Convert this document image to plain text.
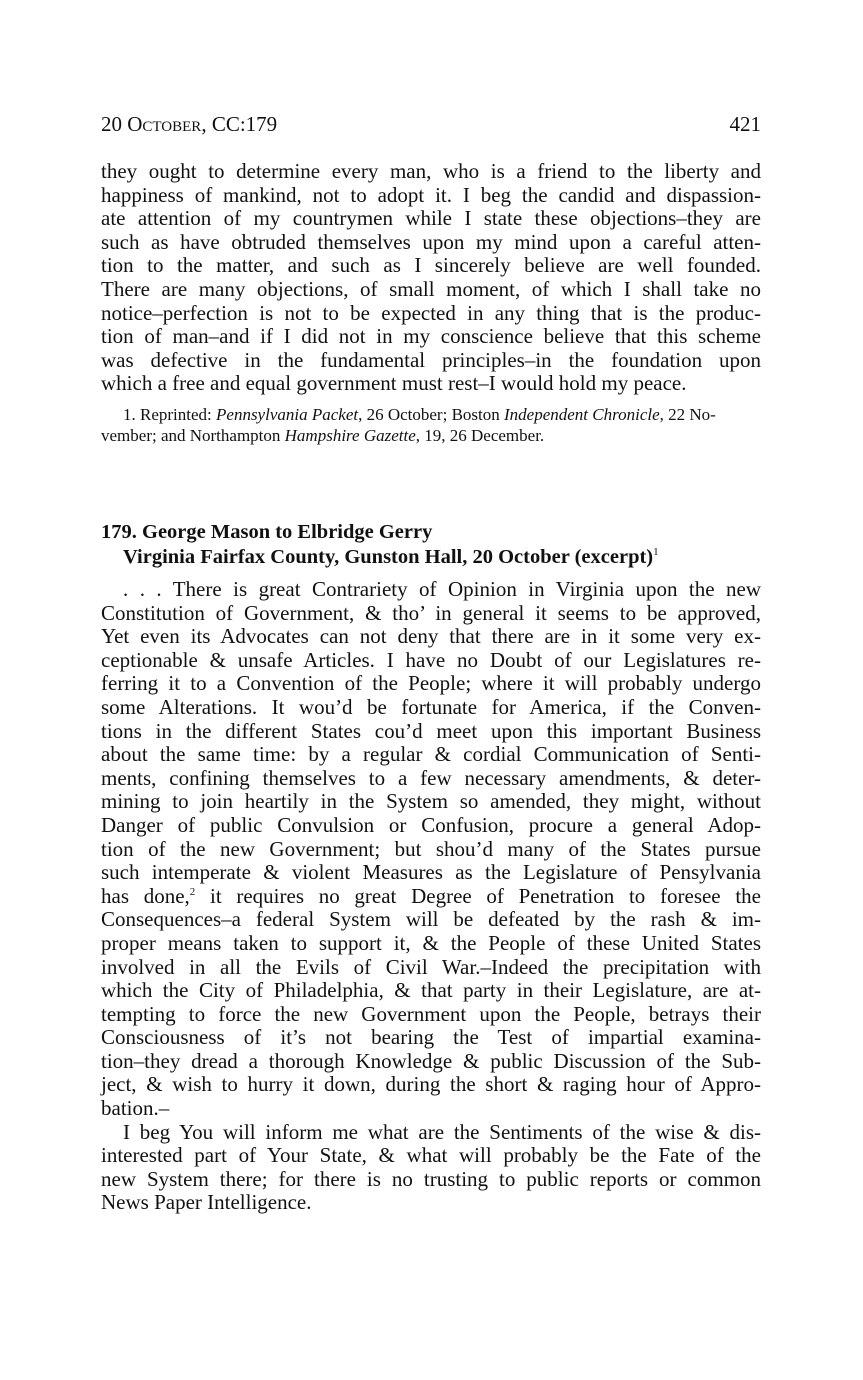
20 October, CC:179	421
they ought to determine every man, who is a friend to the liberty and
happiness of mankind, not to adopt it. I beg the candid and dispassion-
ate attention of my countrymen while I state these objections–they are
such as have obtruded themselves upon my mind upon a careful atten-
tion to the matter, and such as I sincerely believe are well founded.
There are many objections, of small moment, of which I shall take no
notice–perfection is not to be expected in any thing that is the produc-
tion of man–and if I did not in my conscience believe that this scheme
was defective in the fundamental principles–in the foundation upon
which a free and equal government must rest–I would hold my peace.

1. Reprinted: Pennsylvania Packet, 26 October; Boston Independent Chronicle, 22 No-

vember; and Northampton Hampshire Gazette, 19, 26 December.

179. George Mason to Elbridge Gerry
Virginia Fairfax County, Gunston Hall, 20 October (excerpt)$^1$
. . . There is great Contrariety of Opinion in Virginia upon the new
Constitution of Government, & tho’ in general it seems to be approved,
Yet even its Advocates can not deny that there are in it some very ex-
ceptionable & unsafe Articles. I have no Doubt of our Legislatures re-
ferring it to a Convention of the People; where it will probably undergo
some Alterations. It wou’d be fortunate for America, if the Conven-
tions in the different States cou’d meet upon this important Business
about the same time: by a regular & cordial Communication of Senti-
ments, confining themselves to a few necessary amendments, & deter-
mining to join heartily in the System so amended, they might, without
Danger of public Convulsion or Confusion, procure a general Adop-
tion of the new Government; but shou’d many of the States pursue
such intemperate & violent Measures as the Legislature of Pensylvania
has done,$^2$ it requires no great Degree of Penetration to foresee the
Consequences–a federal System will be defeated by the rash & im-
proper means taken to support it, & the People of these United States
involved in all the Evils of Civil War.–Indeed the precipitation with
which the City of Philadelphia, & that party in their Legislature, are at-
tempting to force the new Government upon the People, betrays their
Consciousness of it’s not bearing the Test of impartial examina-
tion–they dread a thorough Knowledge & public Discussion of the Sub-
ject, & wish to hurry it down, during the short & raging hour of Appro-
bation.–
I beg You will inform me what are the Sentiments of the wise & dis-
interested part of Your State, & what will probably be the Fate of the
new System there; for there is no trusting to public reports or common
News Paper Intelligence.
